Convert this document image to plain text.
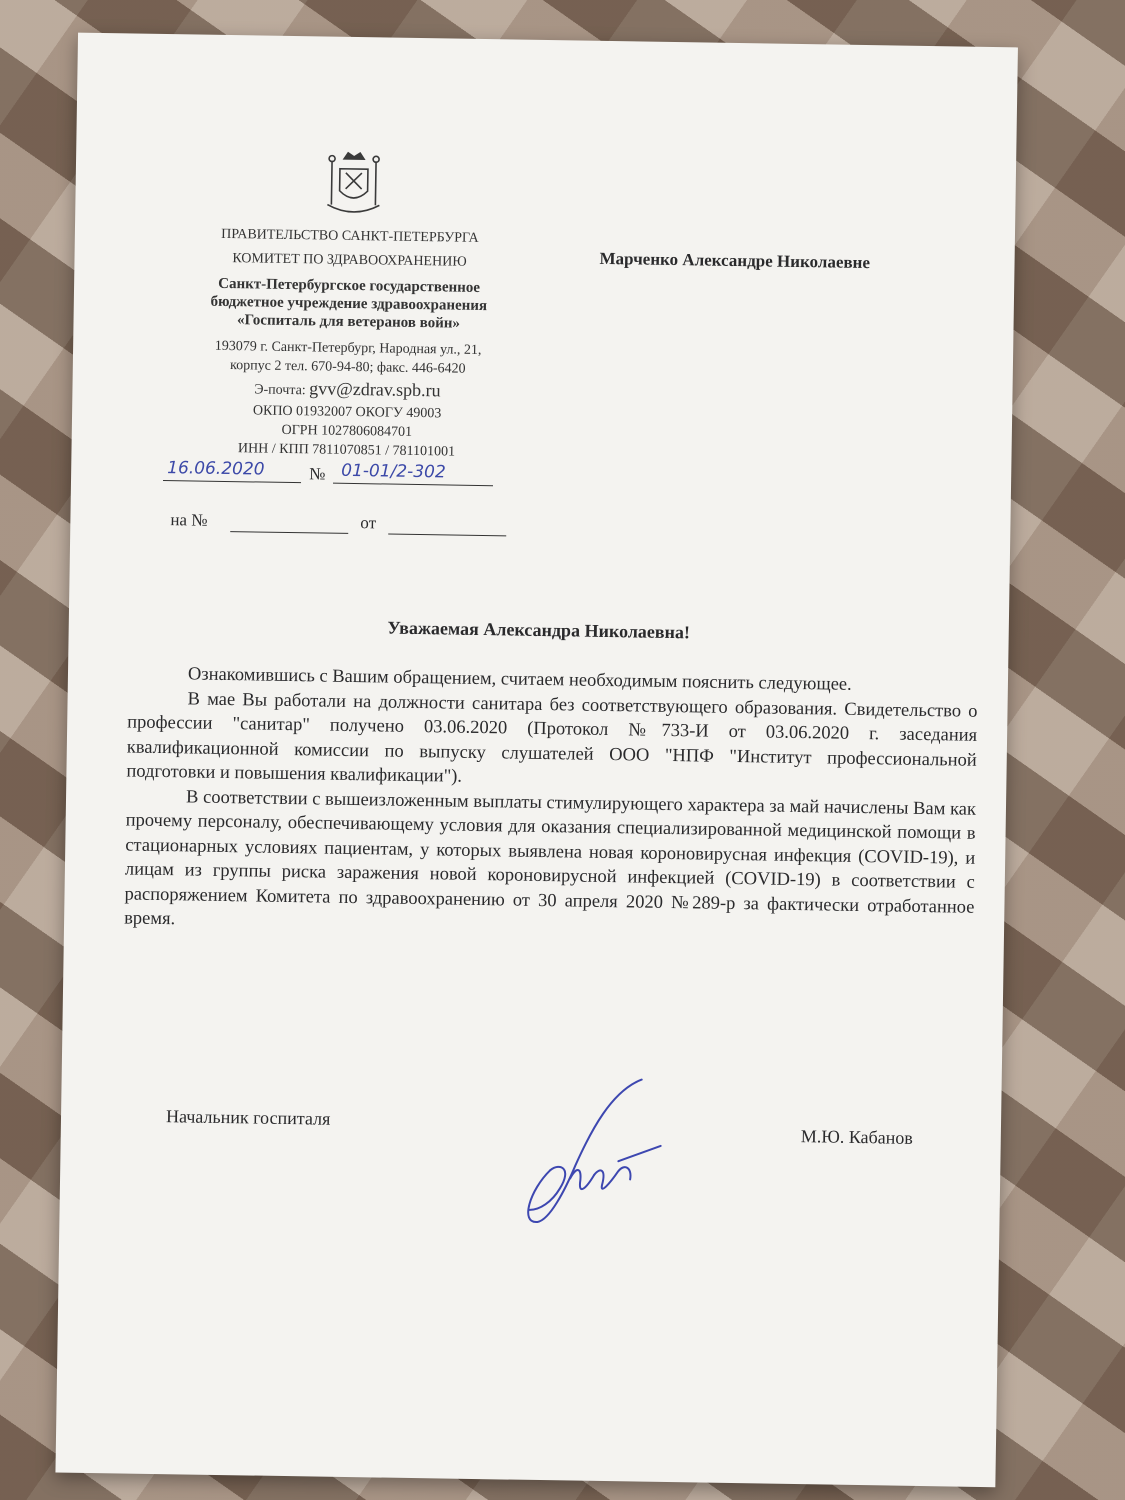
ПРАВИТЕЛЬСТВО САНКТ-ПЕТЕРБУРГА
КОМИТЕТ ПО ЗДРАВООХРАНЕНИЮ
Санкт-Петербургское государственное
бюджетное учреждение здравоохранения
«Госпиталь для ветеранов войн»
193079 г. Санкт-Петербург, Народная ул., 21,
корпус 2 тел. 670-94-80; факс. 446-6420
Э-почта: gvv@zdrav.spb.ru
ОКПО 01932007 ОКОГУ 49003
ОГРН 1027806084701
ИНН / КПП 7811070851 / 781101001
16.06.2020	№ 01-01/2-302
на №	от
Марченко Александре Николаевне
Уважаемая Александра Николаевна!

Ознакомившись с Вашим обращением, считаем необходимым пояснить следующее.

В мае Вы работали на должности санитара без соответствующего образования. Свидетельство о профессии "санитар" получено 03.06.2020 (Протокол №733-И от 03.06.2020 г. заседания квалификационной комиссии по выпуску слушателей ООО "НПФ "Институт профессиональной подготовки и повышения квалификации").

В соответствии с вышеизложенным выплаты стимулирующего характера за май начислены Вам как прочему персоналу, обеспечивающему условия для оказания специализированной медицинской помощи в стационарных условиях пациентам, у которых выявлена новая короновирусная инфекция (COVID-19), и лицам из группы риска заражения новой короновирусной инфекцией (COVID-19) в соответствии с распоряжением Комитета по здравоохранению от 30 апреля 2020 №289-р за фактически отработанное время.

Начальник госпиталя
М.Ю. Кабанов
